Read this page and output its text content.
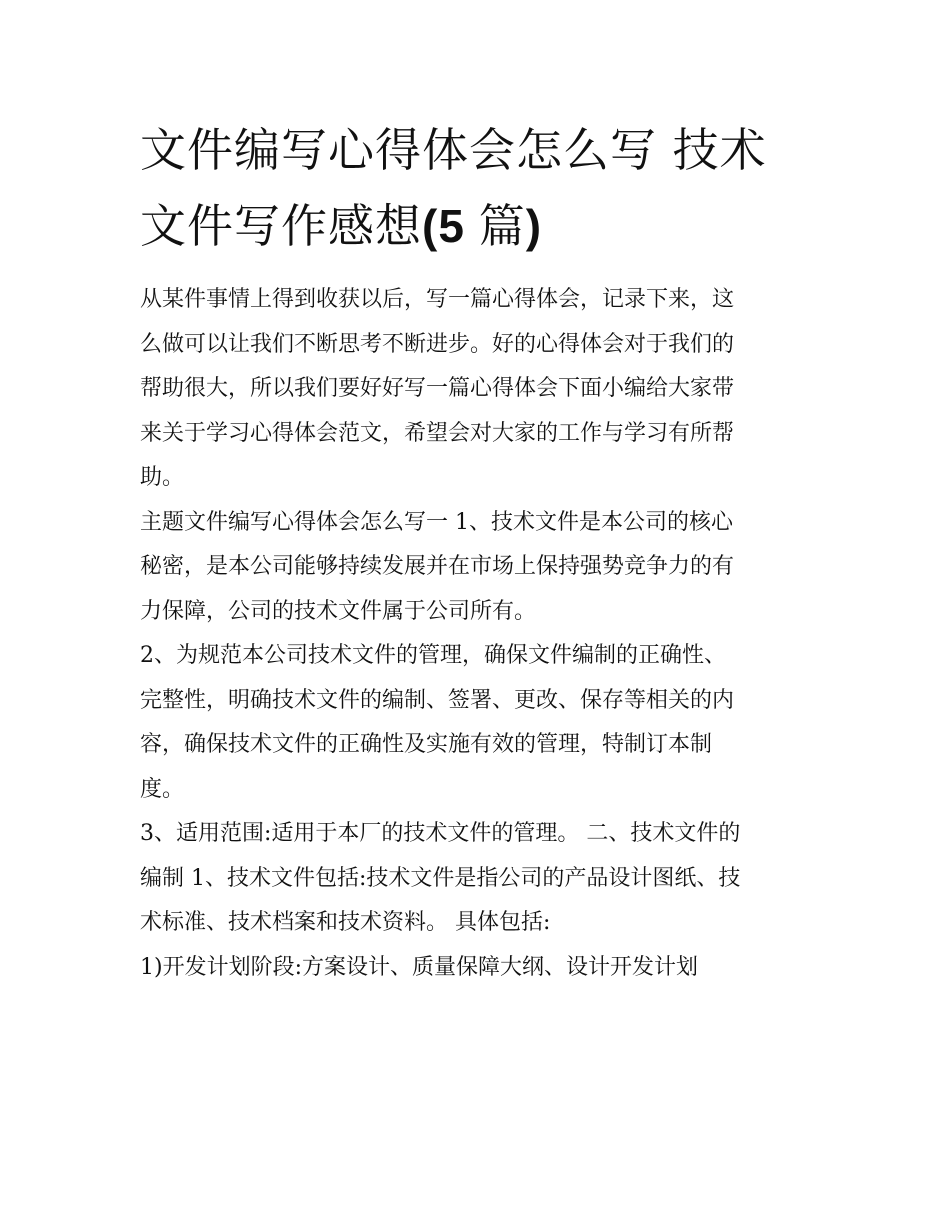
文件编写心得体会怎么写 技术
文件写作感想(5 篇)

从某件事情上得到收获以后，写一篇心得体会，记录下来，这
么做可以让我们不断思考不断进步。好的心得体会对于我们的
帮助很大，所以我们要好好写一篇心得体会下面小编给大家带
来关于学习心得体会范文，希望会对大家的工作与学习有所帮
助。

主题文件编写心得体会怎么写一 1、技术文件是本公司的核心
秘密，是本公司能够持续发展并在市场上保持强势竞争力的有
力保障，公司的技术文件属于公司所有。

2、为规范本公司技术文件的管理，确保文件编制的正确性、
完整性，明确技术文件的编制、签署、更改、保存等相关的内
容，确保技术文件的正确性及实施有效的管理，特制订本制
度。

3、适用范围:适用于本厂的技术文件的管理。 二、技术文件的
编制 1、技术文件包括:技术文件是指公司的产品设计图纸、技
术标准、技术档案和技术资料。 具体包括:

1)开发计划阶段:方案设计、质量保障大纲、设计开发计划
